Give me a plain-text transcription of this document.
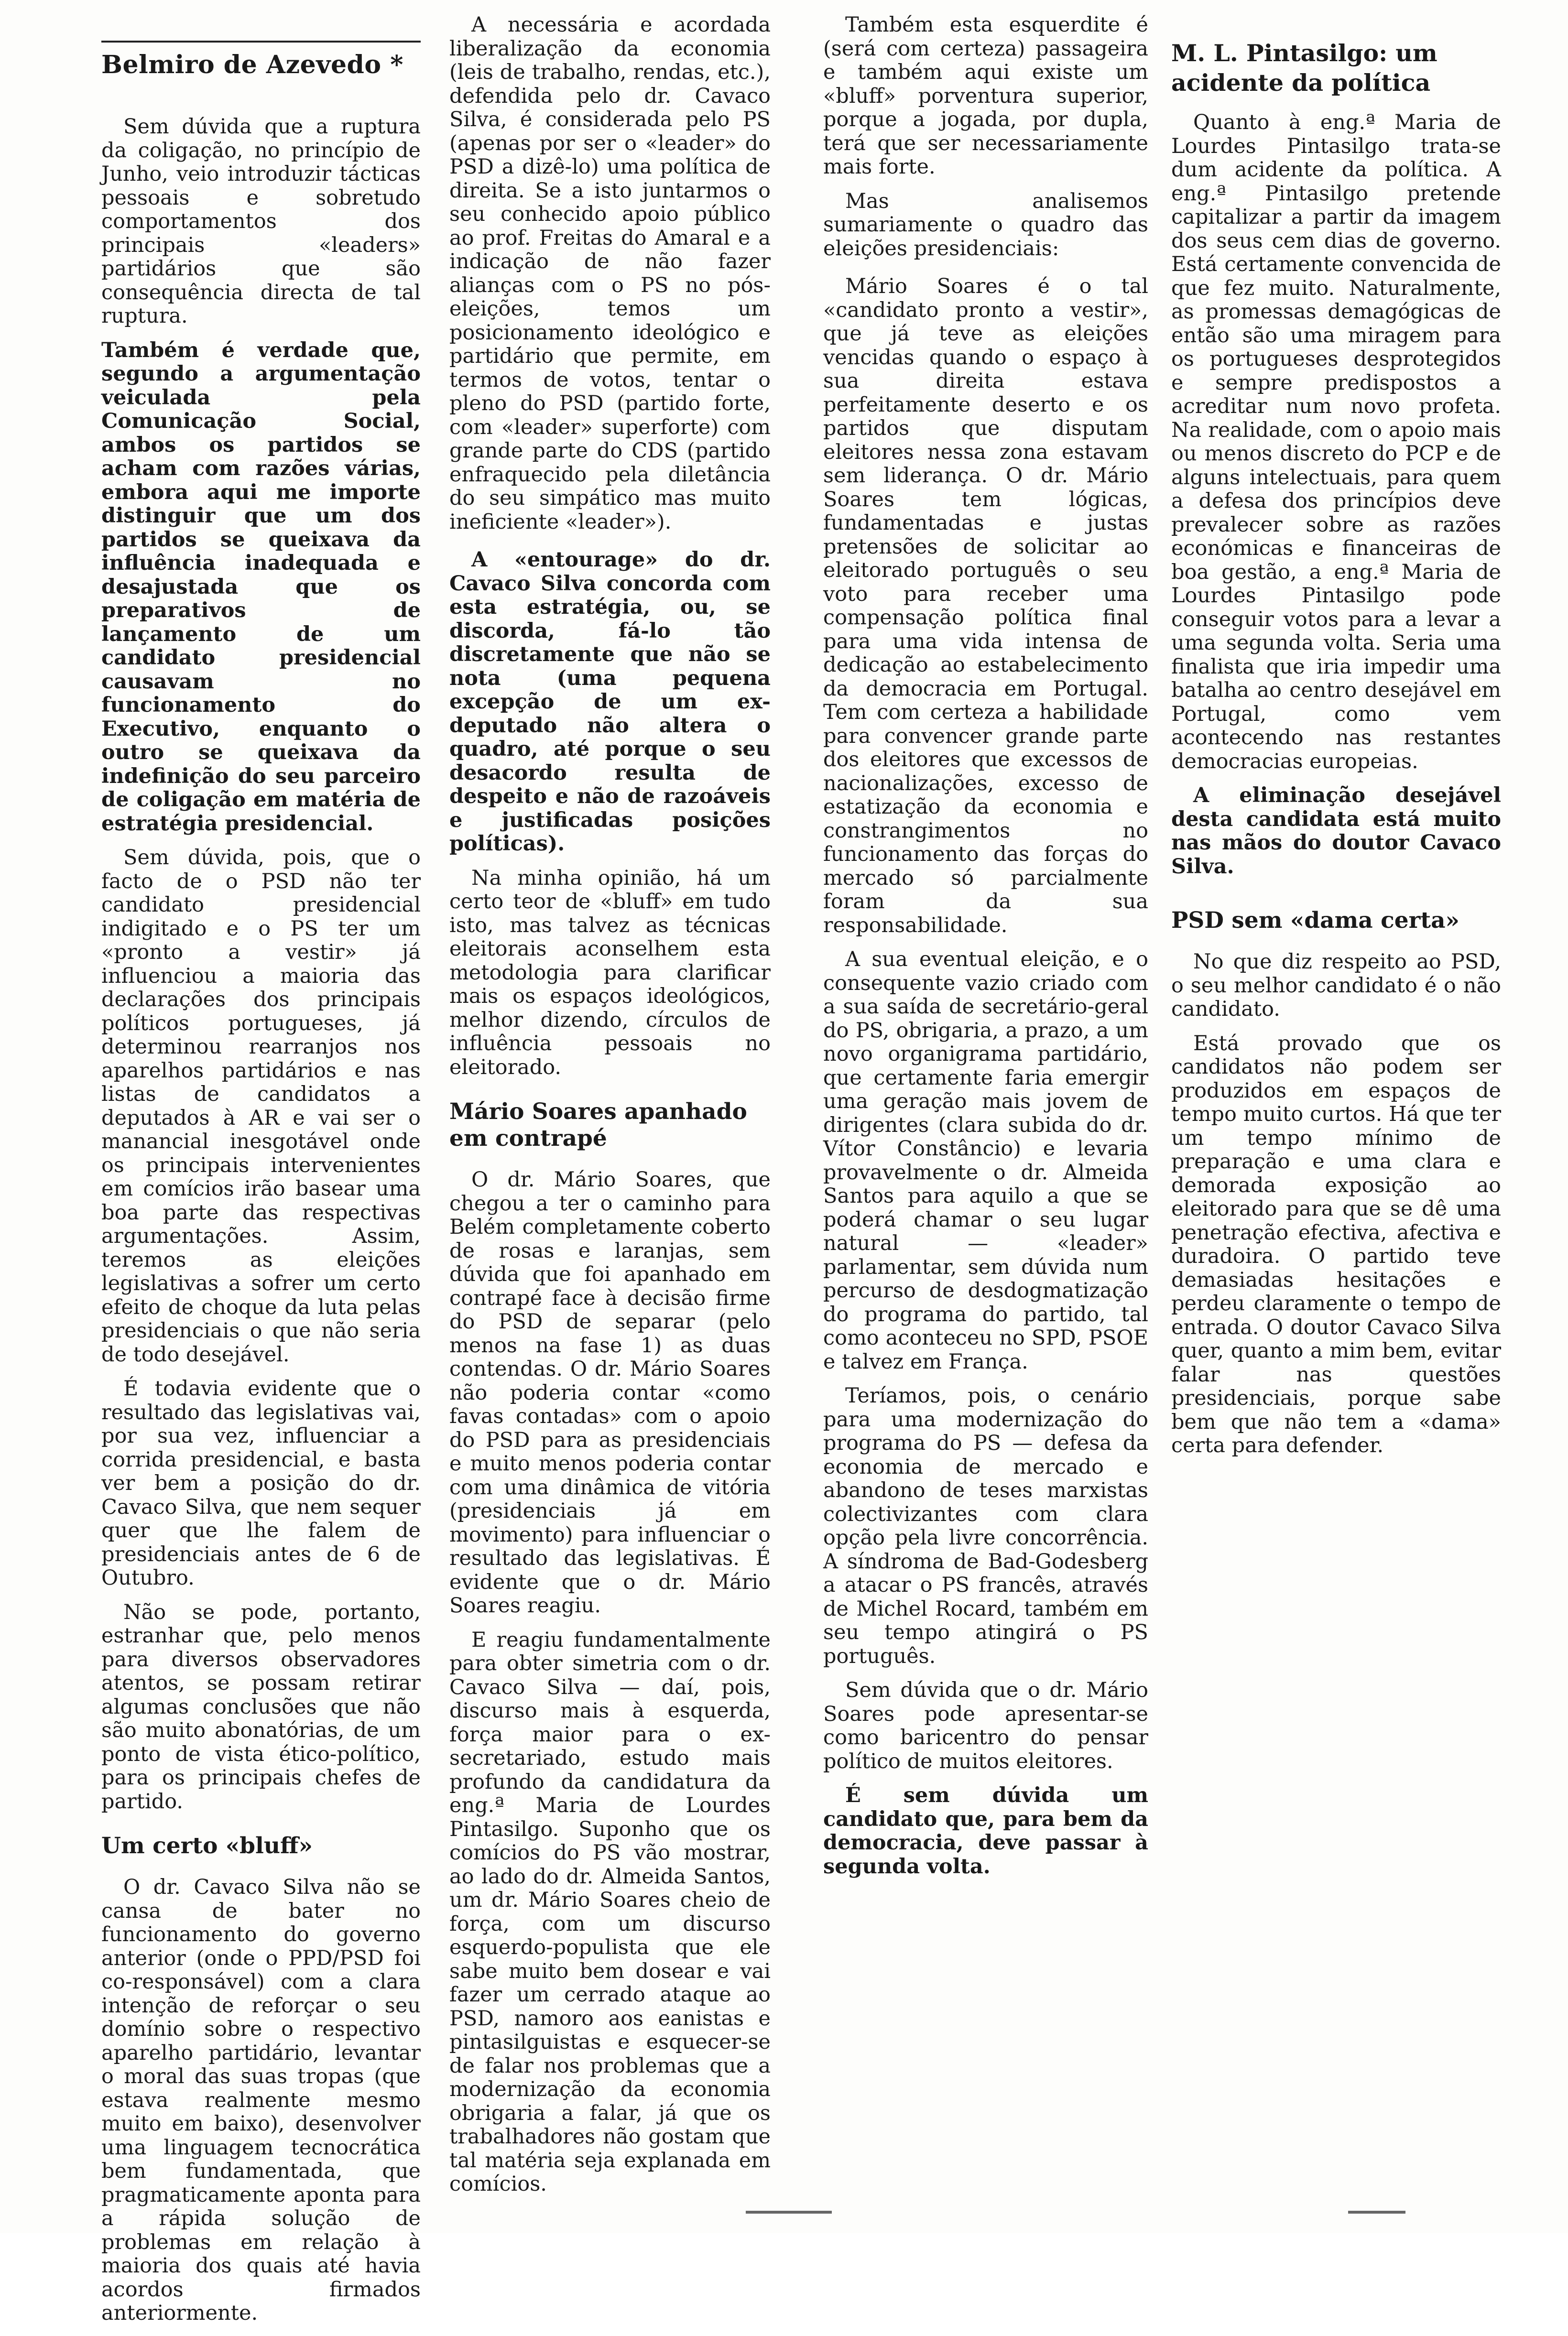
Belmiro de Azevedo *

Sem dúvida que a ruptura da coligação, no princípio de Junho, veio introduzir tácticas pessoais e sobretudo comportamentos dos principais «leaders» partidários que são consequência directa de tal ruptura.

Também é verdade que, segundo a argumentação veiculada pela Comunicação Social, ambos os partidos se acham com razões várias, embora aqui me importe distinguir que um dos partidos se queixava da influência inadequada e desajustada que os preparativos de lançamento de um candidato presidencial causavam no funcionamento do Executivo, enquanto o outro se queixava da indefinição do seu parceiro de coligação em matéria de estratégia presidencial.

Sem dúvida, pois, que o facto de o PSD não ter candidato presidencial indigitado e o PS ter um «pronto a vestir» já influenciou a maioria das declarações dos principais políticos portugueses, já determinou rearranjos nos aparelhos partidários e nas listas de candidatos a deputados à AR e vai ser o manancial inesgotável onde os principais intervenientes em comícios irão basear uma boa parte das respectivas argumentações. Assim, teremos as eleições legislativas a sofrer um certo efeito de choque da luta pelas presidenciais o que não seria de todo desejável.

É todavia evidente que o resultado das legislativas vai, por sua vez, influenciar a corrida presidencial, e basta ver bem a posição do dr. Cavaco Silva, que nem sequer quer que lhe falem de presidenciais antes de 6 de Outubro.

Não se pode, portanto, estranhar que, pelo menos para diversos observadores atentos, se possam retirar algumas conclusões que não são muito abonatórias, de um ponto de vista ético-político, para os principais chefes de partido.

Um certo «bluff»

O dr. Cavaco Silva não se cansa de bater no funcionamento do governo anterior (onde o PPD/PSD foi co-responsável) com a clara intenção de reforçar o seu domínio sobre o respectivo aparelho partidário, levantar o moral das suas tropas (que estava realmente mesmo muito em baixo), desenvolver uma linguagem tecnocrática bem fundamentada, que pragmaticamente aponta para a rápida solução de problemas em relação à maioria dos quais até havia acordos firmados anteriormente.

A necessária e acordada liberalização da economia (leis de trabalho, rendas, etc.), defendida pelo dr. Cavaco Silva, é considerada pelo PS (apenas por ser o «leader» do PSD a dizê-lo) uma política de direita. Se a isto juntarmos o seu conhecido apoio público ao prof. Freitas do Amaral e a indicação de não fazer alianças com o PS no pós-eleições, temos um posicionamento ideológico e partidário que permite, em termos de votos, tentar o pleno do PSD (partido forte, com «leader» superforte) com grande parte do CDS (partido enfraquecido pela diletância do seu simpático mas muito ineficiente «leader»).

A «entourage» do dr. Cavaco Silva concorda com esta estratégia, ou, se discorda, fá-lo tão discretamente que não se nota (uma pequena excepção de um ex-deputado não altera o quadro, até porque o seu desacordo resulta de despeito e não de razoáveis e justificadas posições políticas).

Na minha opinião, há um certo teor de «bluff» em tudo isto, mas talvez as técnicas eleitorais aconselhem esta metodologia para clarificar mais os espaços ideológicos, melhor dizendo, círculos de influência pessoais no eleitorado.

Mário Soares apanhado em contrapé

O dr. Mário Soares, que chegou a ter o caminho para Belém completamente coberto de rosas e laranjas, sem dúvida que foi apanhado em contrapé face à decisão firme do PSD de separar (pelo menos na fase 1) as duas contendas. O dr. Mário Soares não poderia contar «como favas contadas» com o apoio do PSD para as presidenciais e muito menos poderia contar com uma dinâmica de vitória (presidenciais já em movimento) para influenciar o resultado das legislativas. É evidente que o dr. Mário Soares reagiu.

E reagiu fundamentalmente para obter simetria com o dr. Cavaco Silva — daí, pois, discurso mais à esquerda, força maior para o ex-secretariado, estudo mais profundo da candidatura da eng.ª Maria de Lourdes Pintasilgo. Suponho que os comícios do PS vão mostrar, ao lado do dr. Almeida Santos, um dr. Mário Soares cheio de força, com um discurso esquerdo-populista que ele sabe muito bem dosear e vai fazer um cerrado ataque ao PSD, namoro aos eanistas e pintasilguistas e esquecer-se de falar nos problemas que a modernização da economia obrigaria a falar, já que os trabalhadores não gostam que tal matéria seja explanada em comícios.

Também esta esquerdite é (será com certeza) passageira e também aqui existe um «bluff» porventura superior, porque a jogada, por dupla, terá que ser necessariamente mais forte.

Mas analisemos sumariamente o quadro das eleições presidenciais:

Mário Soares é o tal «candidato pronto a vestir», que já teve as eleições vencidas quando o espaço à sua direita estava perfeitamente deserto e os partidos que disputam eleitores nessa zona estavam sem liderança. O dr. Mário Soares tem lógicas, fundamentadas e justas pretensões de solicitar ao eleitorado português o seu voto para receber uma compensação política final para uma vida intensa de dedicação ao estabelecimento da democracia em Portugal. Tem com certeza a habilidade para convencer grande parte dos eleitores que excessos de nacionalizações, excesso de estatização da economia e constrangimentos no funcionamento das forças do mercado só parcialmente foram da sua responsabilidade.

A sua eventual eleição, e o consequente vazio criado com a sua saída de secretário-geral do PS, obrigaria, a prazo, a um novo organigrama partidário, que certamente faria emergir uma geração mais jovem de dirigentes (clara subida do dr. Vítor Constâncio) e levaria provavelmente o dr. Almeida Santos para aquilo a que se poderá chamar o seu lugar natural — «leader» parlamentar, sem dúvida num percurso de desdogmatização do programa do partido, tal como aconteceu no SPD, PSOE e talvez em França.

Teríamos, pois, o cenário para uma modernização do programa do PS — defesa da economia de mercado e abandono de teses marxistas colectivizantes com clara opção pela livre concorrência. A síndroma de Bad-Godesberg a atacar o PS francês, através de Michel Rocard, também em seu tempo atingirá o PS português.

Sem dúvida que o dr. Mário Soares pode apresentar-se como baricentro do pensar político de muitos eleitores.

É sem dúvida um candidato que, para bem da democracia, deve passar à segunda volta.

M. L. Pintasilgo: um acidente da política

Quanto à eng.ª Maria de Lourdes Pintasilgo trata-se dum acidente da política. A eng.ª Pintasilgo pretende capitalizar a partir da imagem dos seus cem dias de governo. Está certamente convencida de que fez muito. Naturalmente, as promessas demagógicas de então são uma miragem para os portugueses desprotegidos e sempre predispostos a acreditar num novo profeta. Na realidade, com o apoio mais ou menos discreto do PCP e de alguns intelectuais, para quem a defesa dos princípios deve prevalecer sobre as razões económicas e financeiras de boa gestão, a eng.ª Maria de Lourdes Pintasilgo pode conseguir votos para a levar a uma segunda volta. Seria uma finalista que iria impedir uma batalha ao centro desejável em Portugal, como vem acontecendo nas restantes democracias europeias.

A eliminação desejável desta candidata está muito nas mãos do doutor Cavaco Silva.

PSD sem «dama certa»

No que diz respeito ao PSD, o seu melhor candidato é o não candidato.

Está provado que os candidatos não podem ser produzidos em espaços de tempo muito curtos. Há que ter um tempo mínimo de preparação e uma clara e demorada exposição ao eleitorado para que se dê uma penetração efectiva, afectiva e duradoira. O partido teve demasiadas hesitações e perdeu claramente o tempo de entrada. O doutor Cavaco Silva quer, quanto a mim bem, evitar falar nas questões presidenciais, porque sabe bem que não tem a «dama» certa para defender.
